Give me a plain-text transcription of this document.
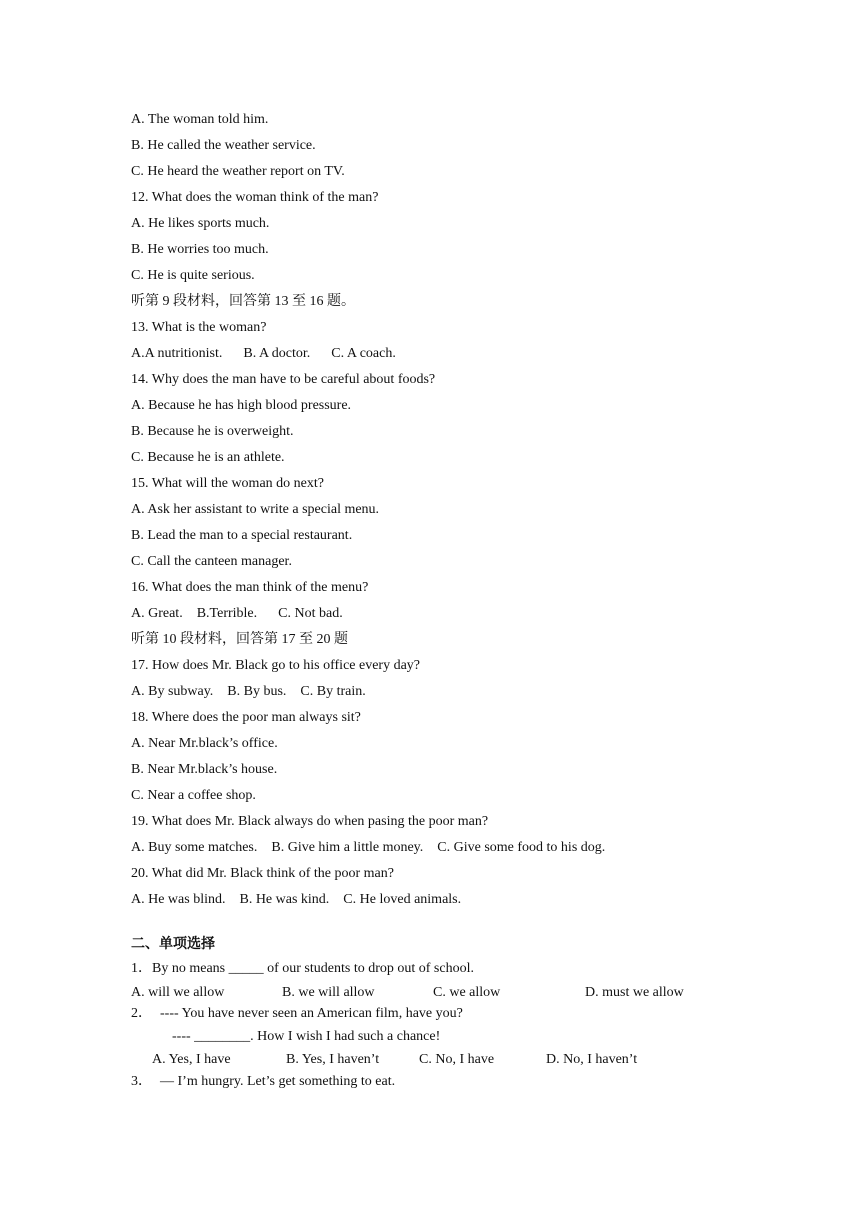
A. The woman told him.
B. He called the weather service.
C. He heard the weather report on TV.
12. What does the woman think of the man?
A. He likes sports much.
B. He worries too much.
C. He is quite serious.
听第 9 段材料，回答第 13 至 16 题。
13. What is the woman?
A.A nutritionist.      B. A doctor.      C. A coach.
14. Why does the man have to be careful about foods?
A. Because he has high blood pressure.
B. Because he is overweight.
C. Because he is an athlete.
15. What will the woman do next?
A. Ask her assistant to write a special menu.
B. Lead the man to a special restaurant.
C. Call the canteen manager.
16. What does the man think of the menu?
A. Great.    B.Terrible.      C. Not bad.
听第 10 段材料，回答第 17 至 20 题
17. How does Mr. Black go to his office every day?
A. By subway.    B. By bus.    C. By train.
18. Where does the poor man always sit?
A. Near Mr.black’s office.
B. Near Mr.black’s house.
C. Near a coffee shop.
19. What does Mr. Black always do when pasing the poor man?
A. Buy some matches.    B. Give him a little money.    C. Give some food to his dog.
20. What did Mr. Black think of the poor man?
A. He was blind.    B. He was kind.    C. He loved animals.
二、单项选择
1．By no means _____ of our students to drop out of school.
A. will we allow	B. we will allow	C. we allow	D. must we allow
2． ---- You have never seen an American film, have you?
---- ________. How I wish I had such a chance!
A. Yes, I have	B. Yes, I haven’t	C. No, I have	D. No, I haven’t
3． — I’m hungry. Let’s get something to eat.
